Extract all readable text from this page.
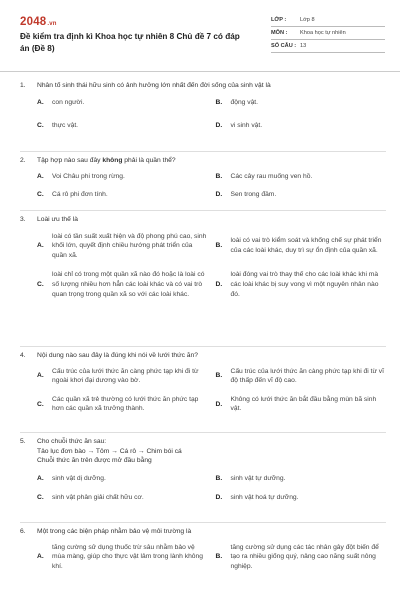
2048.vn
Đề kiểm tra định kì Khoa học tự nhiên 8 Chủ đề 7 có đáp án (Đề 8)
LỚP :	Lớp 8
MÔN :	Khoa học tự nhiên
SỐ CÂU : 13
1.	Nhân tố sinh thái hữu sinh có ảnh hưởng lớn nhất đến đời sống của sinh vật là
A.	con người.	B.	động vật.
C.	thực vật.	D.	vi sinh vật.
2.	Tập hợp nào sau đây không phải là quần thể?
A.	Voi Châu phi trong rừng.	B.	Các cây rau muống ven hồ.
C.	Cá rô phi đơn tính.	D.	Sen trong đầm.
3.	Loài ưu thế là
A.
loài có tần suất xuất hiện và độ phong phú cao, sinh khối lớn, quyết định chiều hướng phát triển của quần xã.
B.
loài có vai trò kiểm soát và khống chế sự phát triển của các loài khác, duy trì sự ổn định của quần xã.
C.
loài chỉ có trong một quần xã nào đó hoặc là loài có số lượng nhiều hơn hẳn các loài khác và có vai trò quan trọng trong quần xã so với các loài khác.
D.
loài đóng vai trò thay thế cho các loài khác khi mà các loài khác bị suy vong vì một nguyên nhân nào đó.
4.	Nội dung nào sau đây là đúng khi nói về lưới thức ăn?
A.
Cấu trúc của lưới thức ăn càng phức tạp khi đi từ ngoài khơi đại dương vào bờ.
B.
Cấu trúc của lưới thức ăn càng phức tạp khi đi từ vĩ độ thấp đến vĩ độ cao.
C.
Các quần xã trẻ thường có lưới thức ăn phức tạp hơn các quần xã trưởng thành.
D.
Không có lưới thức ăn bắt đầu bằng mùn bã sinh vật.
5.	Cho chuỗi thức ăn sau:
Tảo lục đơn bào → Tôm → Cá rô → Chim bói cá
Chuỗi thức ăn trên được mở đầu bằng
A.	sinh vật dị dưỡng.	B.	sinh vật tự dưỡng.
C.	sinh vật phân giải chất hữu cơ.	D.	sinh vật hoá tự dưỡng.
6.	Một trong các biện pháp nhằm bảo vệ môi trường là
A.
tăng cường sử dụng thuốc trừ sâu nhằm bảo vệ mùa màng, giúp cho thực vật lâm trong lành không khí.
B.
tăng cường sử dụng các tác nhân gây đột biến để tạo ra nhiều giống quý, nâng cao năng suất nông nghiệp.
